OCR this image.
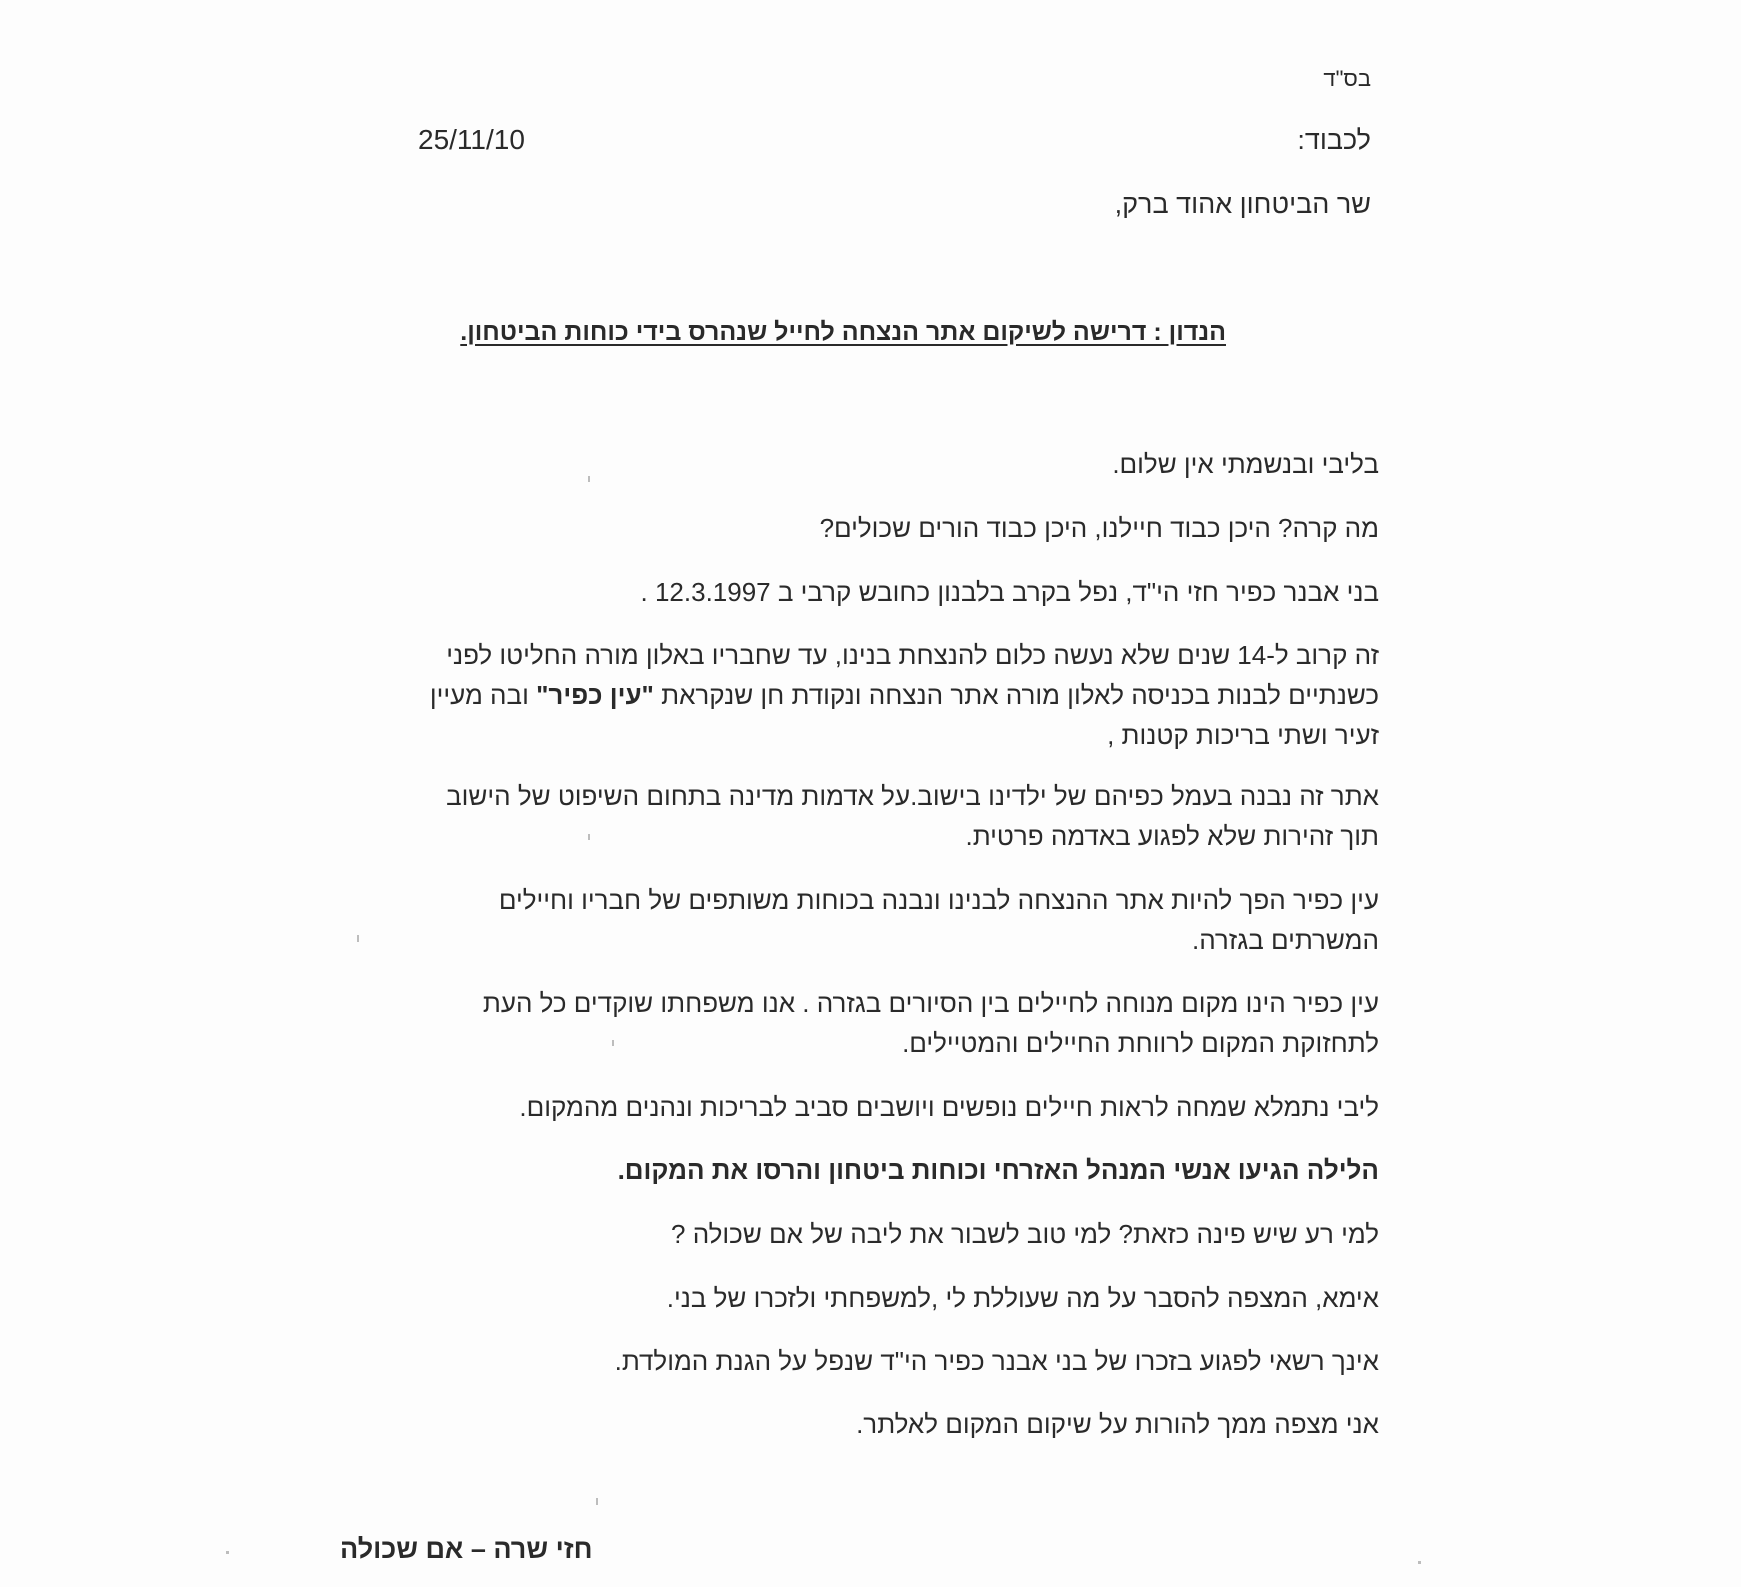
בס"ד
25/11/10	לכבוד:
שר הביטחון אהוד ברק,
הנדון : דרישה לשיקום אתר הנצחה לחייל שנהרס בידי כוחות הביטחון.

בליבי ובנשמתי אין שלום.

מה קרה? היכן כבוד חיילנו, היכן כבוד הורים שכולים?

בני אבנר כפיר חזי הי"ד, נפל בקרב בלבנון כחובש קרבי ב 12.3.1997 .

זה קרוב ל-14 שנים שלא נעשה כלום להנצחת בנינו, עד שחבריו באלון מורה החליטו לפני

כשנתיים לבנות בכניסה לאלון מורה אתר הנצחה ונקודת חן שנקראת "עין כפיר" ובה מעיין

זעיר ושתי בריכות קטנות ,

אתר זה נבנה בעמל כפיהם של ילדינו בישוב.על אדמות מדינה בתחום השיפוט של הישוב

תוך זהירות שלא לפגוע באדמה פרטית.

עין כפיר הפך להיות אתר ההנצחה לבנינו ונבנה בכוחות משותפים של חבריו וחיילים

המשרתים בגזרה.

עין כפיר הינו מקום מנוחה לחיילים בין הסיורים בגזרה . אנו משפחתו שוקדים כל העת

לתחזוקת המקום לרווחת החיילים והמטיילים.

ליבי נתמלא שמחה לראות חיילים נופשים ויושבים סביב לבריכות ונהנים מהמקום.

הלילה הגיעו אנשי המנהל האזרחי וכוחות ביטחון והרסו את המקום.

למי רע שיש פינה כזאת? למי טוב לשבור את ליבה של אם שכולה ?

אימא, המצפה להסבר על מה שעוללת לי ,למשפחתי ולזכרו של בני.

אינך רשאי לפגוע בזכרו של בני אבנר כפיר הי"ד שנפל על הגנת המולדת.

אני מצפה ממך להורות על שיקום המקום לאלתר.

חזי שרה – אם שכולה
